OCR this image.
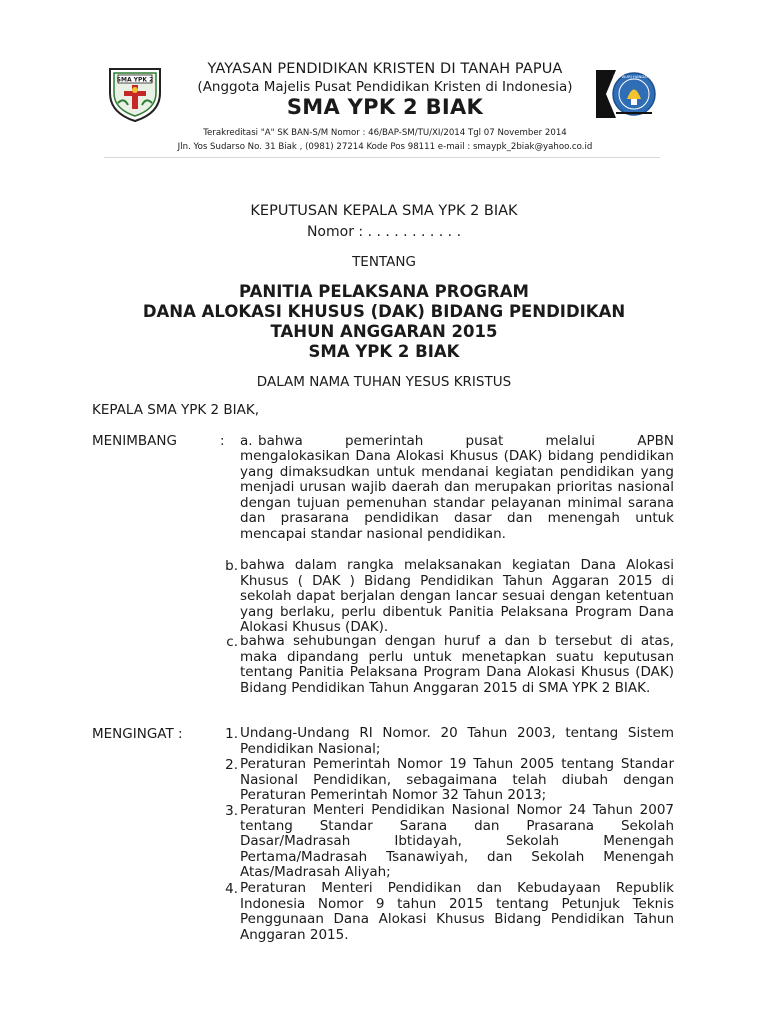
SMA YPK 2
YAYASAN PENDIDIKAN KRISTEN DI TANAH PAPUA
(Anggota Majelis Pusat Pendidikan Kristen di Indonesia)
SMA YPK 2 BIAK
Terakreditasi "A" SK BAN-S/M Nomor : 46/BAP-SM/TU/XI/2014 Tgl 07 November 2014
Jln. Yos Sudarso No. 31 Biak , (0981) 27214 Kode Pos 98111 e-mail : smaypk_2biak@yahoo.co.id
TUT WURI HANDAYANI
KEPUTUSAN KEPALA SMA YPK 2 BIAK
Nomor : . . . . . . . . . . .
TENTANG
PANITIA PELAKSANA PROGRAM
DANA ALOKASI KHUSUS (DAK) BIDANG PENDIDIKAN
TAHUN ANGGARAN 2015
SMA YPK 2 BIAK
DALAM NAMA TUHAN YESUS KRISTUS
KEPALA SMA YPK 2 BIAK,
MENIMBANG	: a. bahwa pemerintah pusat melalui APBN
mengalokasikan Dana Alokasi Khusus (DAK) bidang pendidikan yang dimaksudkan untuk mendanai kegiatan pendidikan yang menjadi urusan wajib daerah dan merupakan prioritas nasional dengan tujuan pemenuhan standar pelayanan minimal sarana dan prasarana pendidikan dasar dan menengah untuk mencapai standar nasional pendidikan.
b. bahwa dalam rangka melaksanakan kegiatan Dana Alokasi Khusus ( DAK ) Bidang Pendidikan Tahun Aggaran 2015 di sekolah dapat berjalan dengan lancar sesuai dengan ketentuan yang berlaku, perlu dibentuk Panitia Pelaksana Program Dana Alokasi Khusus (DAK).
c. bahwa sehubungan dengan huruf a dan b tersebut di atas, maka dipandang perlu untuk menetapkan suatu keputusan tentang Panitia Pelaksana Program Dana Alokasi Khusus (DAK) Bidang Pendidikan Tahun Anggaran 2015 di SMA YPK 2 BIAK.
MENGINGAT :	1. Undang-Undang RI Nomor. 20 Tahun 2003, tentang Sistem Pendidikan Nasional;
2. Peraturan Pemerintah Nomor 19 Tahun 2005 tentang Standar Nasional Pendidikan, sebagaimana telah diubah dengan Peraturan Pemerintah Nomor 32 Tahun 2013;
3. Peraturan Menteri Pendidikan Nasional Nomor 24 Tahun 2007 tentang Standar Sarana dan Prasarana Sekolah Dasar/Madrasah Ibtidayah, Sekolah Menengah Pertama/Madrasah Tsanawiyah, dan Sekolah Menengah Atas/Madrasah Aliyah;
4. Peraturan Menteri Pendidikan dan Kebudayaan Republik Indonesia Nomor 9 tahun 2015 tentang Petunjuk Teknis Penggunaan Dana Alokasi Khusus Bidang Pendidikan Tahun Anggaran 2015.
